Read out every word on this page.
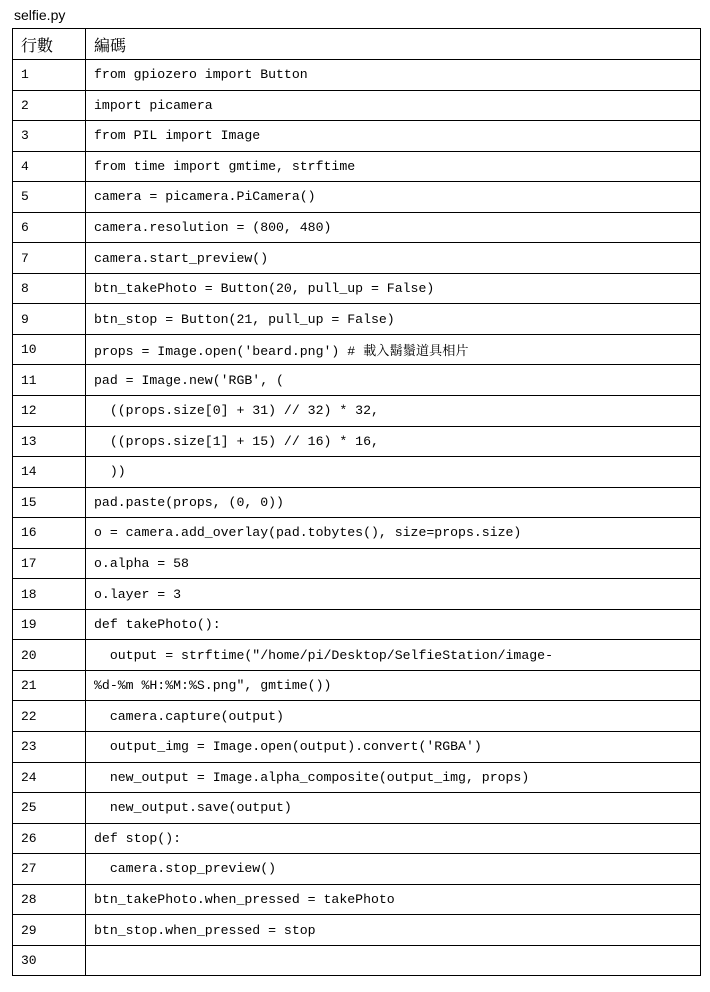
selfie.py
行數	編碼
1	from gpiozero import Button
2	import picamera
3	from PIL import Image
4	from time import gmtime, strftime
5	camera = picamera.PiCamera()
6	camera.resolution = (800, 480)
7	camera.start_preview()
8	btn_takePhoto = Button(20, pull_up = False)
9	btn_stop = Button(21, pull_up = False)
10	props = Image.open('beard.png') # 載入鬍鬚道具相片
11	pad = Image.new('RGB', (
12	((props.size[0] + 31) // 32) * 32,
13	((props.size[1] + 15) // 16) * 16,
14	))
15	pad.paste(props, (0, 0))
16	o = camera.add_overlay(pad.tobytes(), size=props.size)
17	o.alpha = 58
18	o.layer = 3
19	def takePhoto():
20	output = strftime("/home/pi/Desktop/SelfieStation/image-
21	%d-%m %H:%M:%S.png", gmtime())
22	camera.capture(output)
23	output_img = Image.open(output).convert('RGBA')
24	new_output = Image.alpha_composite(output_img, props)
25	new_output.save(output)
26	def stop():
27	camera.stop_preview()
28	btn_takePhoto.when_pressed = takePhoto
29	btn_stop.when_pressed = stop
30	
